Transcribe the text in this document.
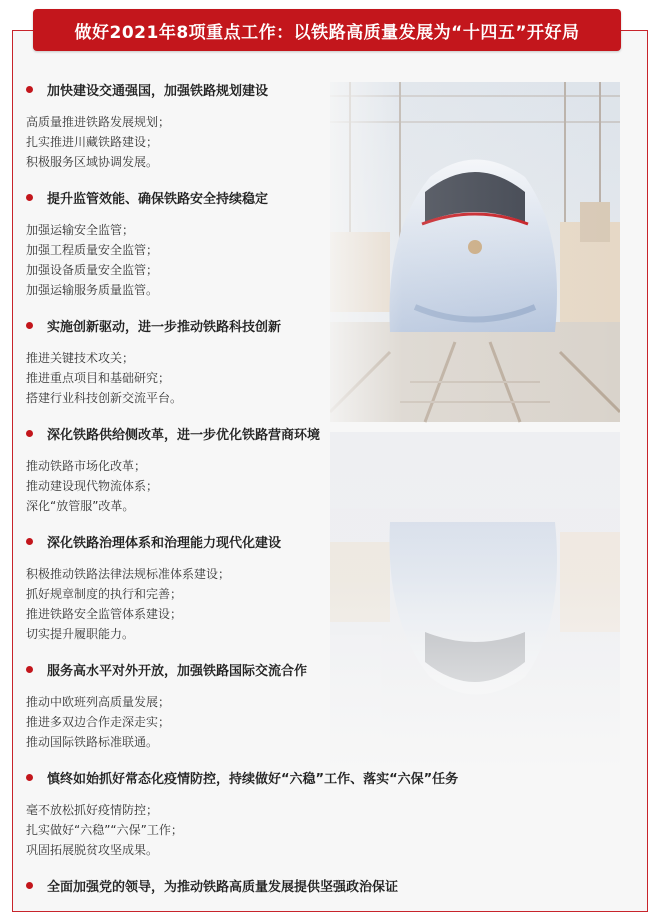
做好2021年8项重点工作：以铁路高质量发展为“十四五”开好局
加快建设交通强国，加强铁路规划建设
高质量推进铁路发展规划；
扎实推进川藏铁路建设；
积极服务区域协调发展。
提升监管效能、确保铁路安全持续稳定
加强运输安全监管；
加强工程质量安全监管；
加强设备质量安全监管；
加强运输服务质量监管。
实施创新驱动，进一步推动铁路科技创新
推进关键技术攻关；
推进重点项目和基础研究；
搭建行业科技创新交流平台。
深化铁路供给侧改革，进一步优化铁路营商环境
推动铁路市场化改革；
推动建设现代物流体系；
深化“放管服”改革。
深化铁路治理体系和治理能力现代化建设
积极推动铁路法律法规标准体系建设；
抓好规章制度的执行和完善；
推进铁路安全监管体系建设；
切实提升履职能力。
服务高水平对外开放，加强铁路国际交流合作
推动中欧班列高质量发展；
推进多双边合作走深走实；
推动国际铁路标准联通。
慎终如始抓好常态化疫情防控，持续做好“六稳”工作、落实“六保”任务
毫不放松抓好疫情防控；
扎实做好“六稳”“六保”工作；
巩固拓展脱贫攻坚成果。
全面加强党的领导，为推动铁路高质量发展提供坚强政治保证
